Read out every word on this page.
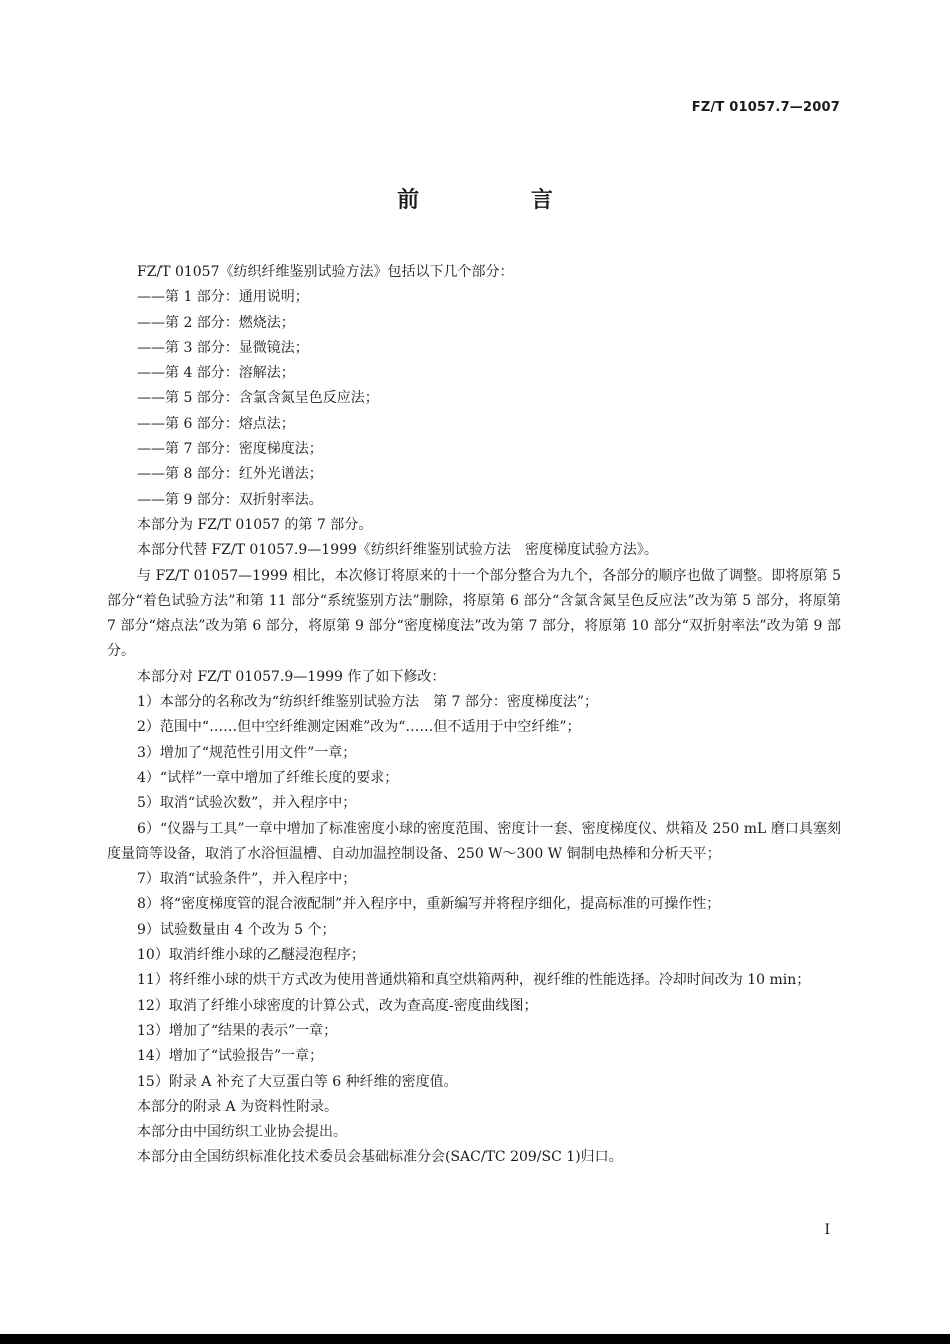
FZ/T 01057.7—2007
前 言

FZ/T 01057《纺织纤维鉴别试验方法》包括以下几个部分：

——第 1 部分：通用说明；

——第 2 部分：燃烧法；

——第 3 部分：显微镜法；

——第 4 部分：溶解法；

——第 5 部分：含氯含氮呈色反应法；

——第 6 部分：熔点法；

——第 7 部分：密度梯度法；

——第 8 部分：红外光谱法；

——第 9 部分：双折射率法。

本部分为 FZ/T 01057 的第 7 部分。

本部分代替 FZ/T 01057.9—1999《纺织纤维鉴别试验方法　密度梯度试验方法》。

与 FZ/T 01057—1999 相比，本次修订将原来的十一个部分整合为九个，各部分的顺序也做了调整。即将原第 5 部分“着色试验方法”和第 11 部分“系统鉴别方法”删除，将原第 6 部分“含氯含氮呈色反应法”改为第 5 部分，将原第 7 部分“熔点法”改为第 6 部分，将原第 9 部分“密度梯度法”改为第 7 部分，将原第 10 部分“双折射率法”改为第 9 部分。

本部分对 FZ/T 01057.9—1999 作了如下修改：

1）本部分的名称改为“纺织纤维鉴别试验方法　第 7 部分：密度梯度法”；

2）范围中“……但中空纤维测定困难”改为“……但不适用于中空纤维”；

3）增加了“规范性引用文件”一章；

4）“试样”一章中增加了纤维长度的要求；

5）取消“试验次数”，并入程序中；

6）“仪器与工具”一章中增加了标准密度小球的密度范围、密度计一套、密度梯度仪、烘箱及 250 mL 磨口具塞刻度量筒等设备，取消了水浴恒温槽、自动加温控制设备、250 W～300 W 铜制电热棒和分析天平；

7）取消“试验条件”，并入程序中；

8）将“密度梯度管的混合液配制”并入程序中，重新编写并将程序细化，提高标准的可操作性；

9）试验数量由 4 个改为 5 个；

10）取消纤维小球的乙醚浸泡程序；

11）将纤维小球的烘干方式改为使用普通烘箱和真空烘箱两种，视纤维的性能选择。冷却时间改为 10 min；

12）取消了纤维小球密度的计算公式，改为查高度-密度曲线图；

13）增加了“结果的表示”一章；

14）增加了“试验报告”一章；

15）附录 A 补充了大豆蛋白等 6 种纤维的密度值。

本部分的附录 A 为资料性附录。

本部分由中国纺织工业协会提出。

本部分由全国纺织标准化技术委员会基础标准分会(SAC/TC 209/SC 1)归口。

I
